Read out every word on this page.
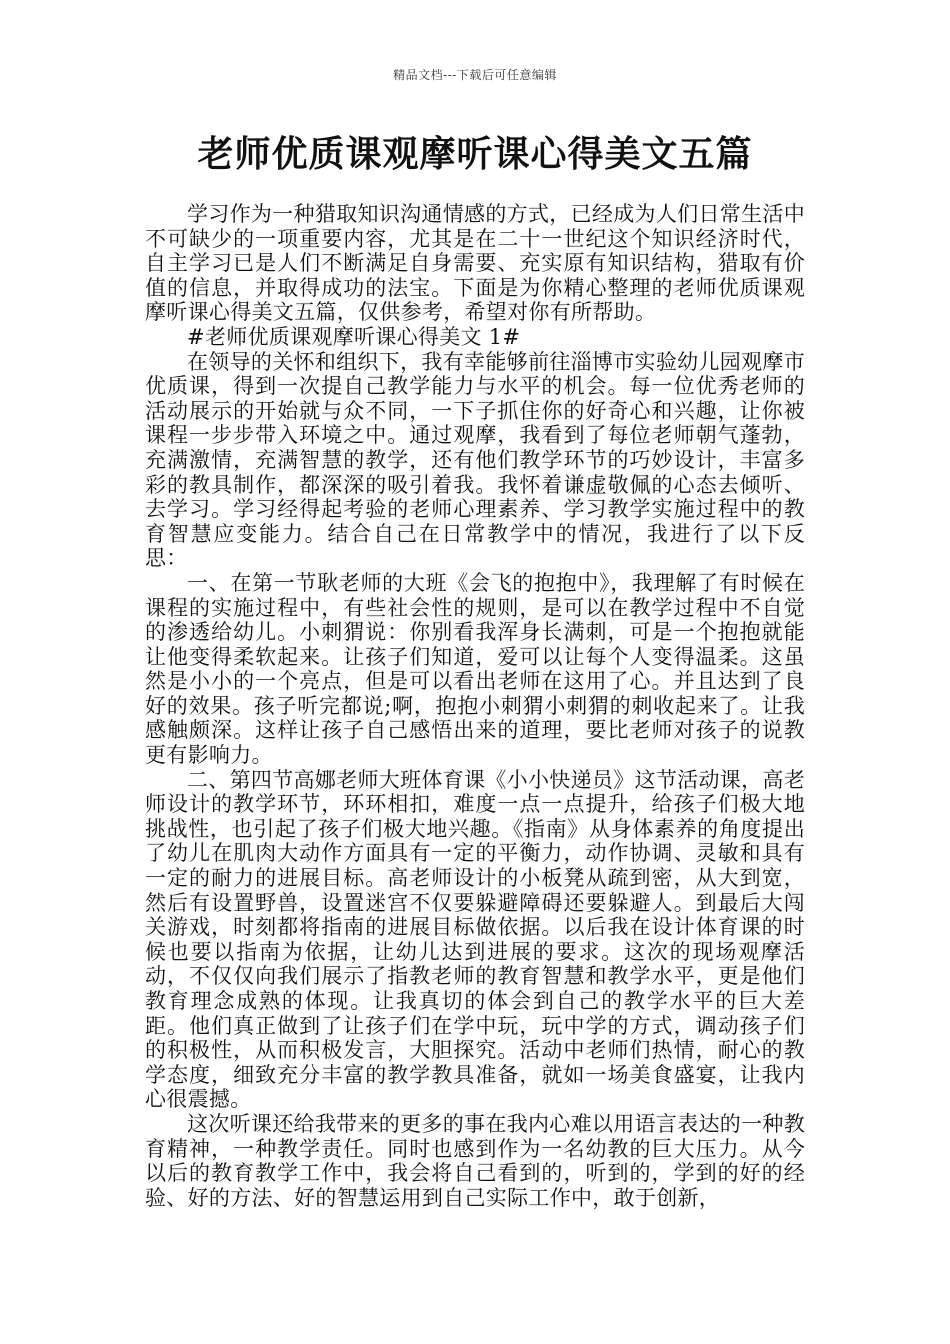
精品文档---下载后可任意编辑
老师优质课观摩听课心得美文五篇

学习作为一种猎取知识沟通情感的方式，已经成为人们日常生活中不可缺少的一项重要内容，尤其是在二十一世纪这个知识经济时代，自主学习已是人们不断满足自身需要、充实原有知识结构，猎取有价值的信息，并取得成功的法宝。下面是为你精心整理的老师优质课观摩听课心得美文五篇，仅供参考，希望对你有所帮助。

#老师优质课观摩听课心得美文 1#

在领导的关怀和组织下，我有幸能够前往淄博市实验幼儿园观摩市优质课，得到一次提自己教学能力与水平的机会。每一位优秀老师的活动展示的开始就与众不同，一下子抓住你的好奇心和兴趣，让你被课程一步步带入环境之中。通过观摩，我看到了每位老师朝气蓬勃，充满激情，充满智慧的教学，还有他们教学环节的巧妙设计，丰富多彩的教具制作，都深深的吸引着我。我怀着谦虚敬佩的心态去倾听、去学习。学习经得起考验的老师心理素养、学习教学实施过程中的教育智慧应变能力。结合自己在日常教学中的情况，我进行了以下反思：

一、在第一节耿老师的大班《会飞的抱抱中》，我理解了有时候在课程的实施过程中，有些社会性的规则，是可以在教学过程中不自觉的渗透给幼儿。小刺猬说：你别看我浑身长满刺，可是一个抱抱就能让他变得柔软起来。让孩子们知道，爱可以让每个人变得温柔。这虽然是小小的一个亮点，但是可以看出老师在这用了心。并且达到了良好的效果。孩子听完都说;啊，抱抱小刺猬小刺猬的刺收起来了。让我感触颇深。这样让孩子自己感悟出来的道理，要比老师对孩子的说教更有影响力。

二、第四节高娜老师大班体育课《小小快递员》这节活动课，高老师设计的教学环节，环环相扣，难度一点一点提升，给孩子们极大地挑战性，也引起了孩子们极大地兴趣。《指南》从身体素养的角度提出了幼儿在肌肉大动作方面具有一定的平衡力，动作协调、灵敏和具有一定的耐力的进展目标。高老师设计的小板凳从疏到密，从大到宽，然后有设置野兽，设置迷宫不仅要躲避障碍还要躲避人。到最后大闯关游戏，时刻都将指南的进展目标做依据。以后我在设计体育课的时候也要以指南为依据，让幼儿达到进展的要求。这次的现场观摩活动，不仅仅向我们展示了指教老师的教育智慧和教学水平，更是他们教育理念成熟的体现。让我真切的体会到自己的教学水平的巨大差距。他们真正做到了让孩子们在学中玩，玩中学的方式，调动孩子们的积极性，从而积极发言，大胆探究。活动中老师们热情，耐心的教学态度，细致充分丰富的教学教具准备，就如一场美食盛宴，让我内心很震撼。

这次听课还给我带来的更多的事在我内心难以用语言表达的一种教育精神，一种教学责任。同时也感到作为一名幼教的巨大压力。从今以后的教育教学工作中，我会将自己看到的，听到的，学到的好的经验、好的方法、好的智慧运用到自己实际工作中，敢于创新，
